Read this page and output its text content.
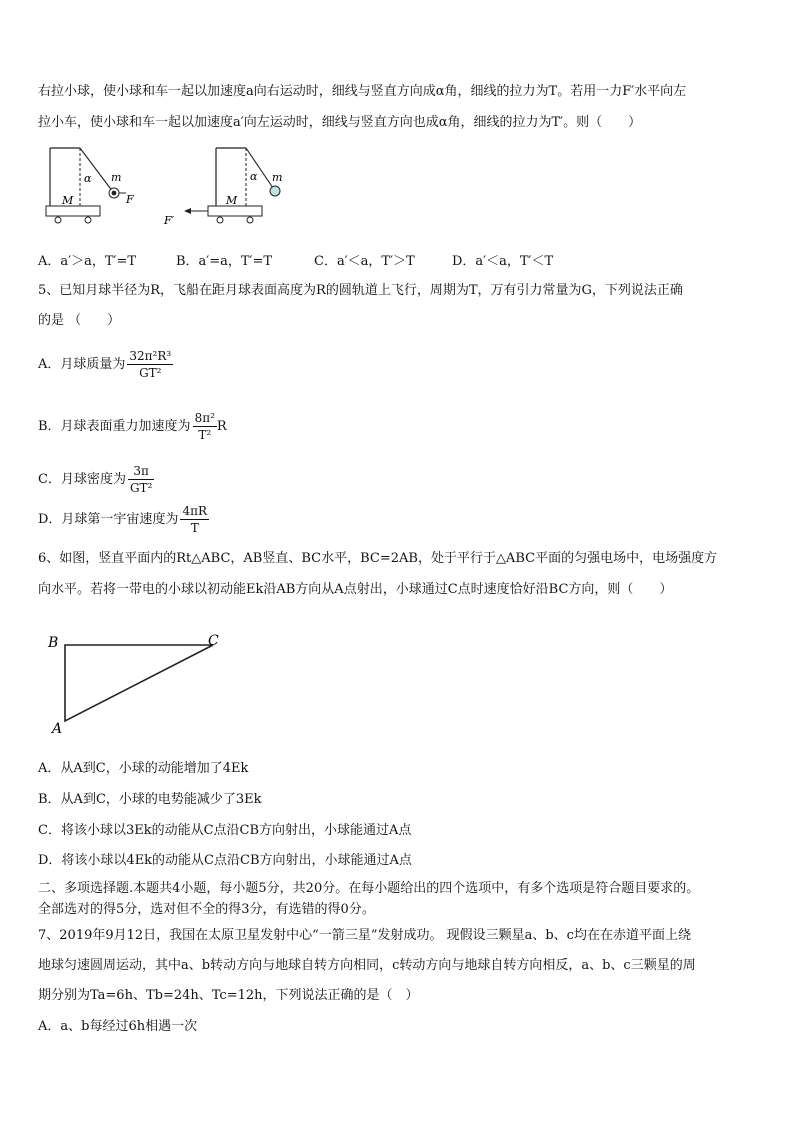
右拉小球，使小球和车一起以加速度a向右运动时，细线与竖直方向成α角，细线的拉力为T。若用一力F′水平向左
拉小车，使小球和车一起以加速度a′向左运动时，细线与竖直方向也成α角，细线的拉力为T′。则（　　）
α m
M	F
α m
M
F′
A．a′＞a，T′=T	B．a′=a，T′=T	C．a′＜a，T′＞T	D．a′＜a，T′＜T
5、已知月球半径为R，飞船在距月球表面高度为R的圆轨道上飞行，周期为T，万有引力常量为G，下列说法正确
的是 （　　）
A．月球质量为 $\frac{\text{32π²R³}}{\text{GT²}}$
B．月球表面重力加速度为 $\frac{\text{8π²}}{\text{T²}}$ R
C．月球密度为 $\frac{3\pi}{\text{GT²}}$
D．月球第一宇宙速度为 $\frac{4\pi R}{T}$
6、如图，竖直平面内的Rt△ABC，AB竖直、BC水平，BC=2AB，处于平行于△ABC平面的匀强电场中，电场强度方
向水平。若将一带电的小球以初动能Ek沿AB方向从A点射出，小球通过C点时速度恰好沿BC方向，则（　　）
B	C
A
A．从A到C，小球的动能增加了4Ek
B．从A到C，小球的电势能减少了3Ek
C．将该小球以3Ek的动能从C点沿CB方向射出，小球能通过A点
D．将该小球以4Ek的动能从C点沿CB方向射出，小球能通过A点
二、多项选择题.本题共4小题，每小题5分，共20分。在每小题给出的四个选项中，有多个选项是符合题目要求的。
全部选对的得5分，选对但不全的得3分，有选错的得0分。
7、2019年9月12日，我国在太原卫星发射中心“一箭三星”发射成功。 现假设三颗星a、b、c均在在赤道平面上绕
地球匀速圆周运动，其中a、b转动方向与地球自转方向相同，c转动方向与地球自转方向相反，a、b、c三颗星的周
期分别为Ta=6h、Tb=24h、Tc=12h，下列说法正确的是（　）
A．a、b每经过6h相遇一次
